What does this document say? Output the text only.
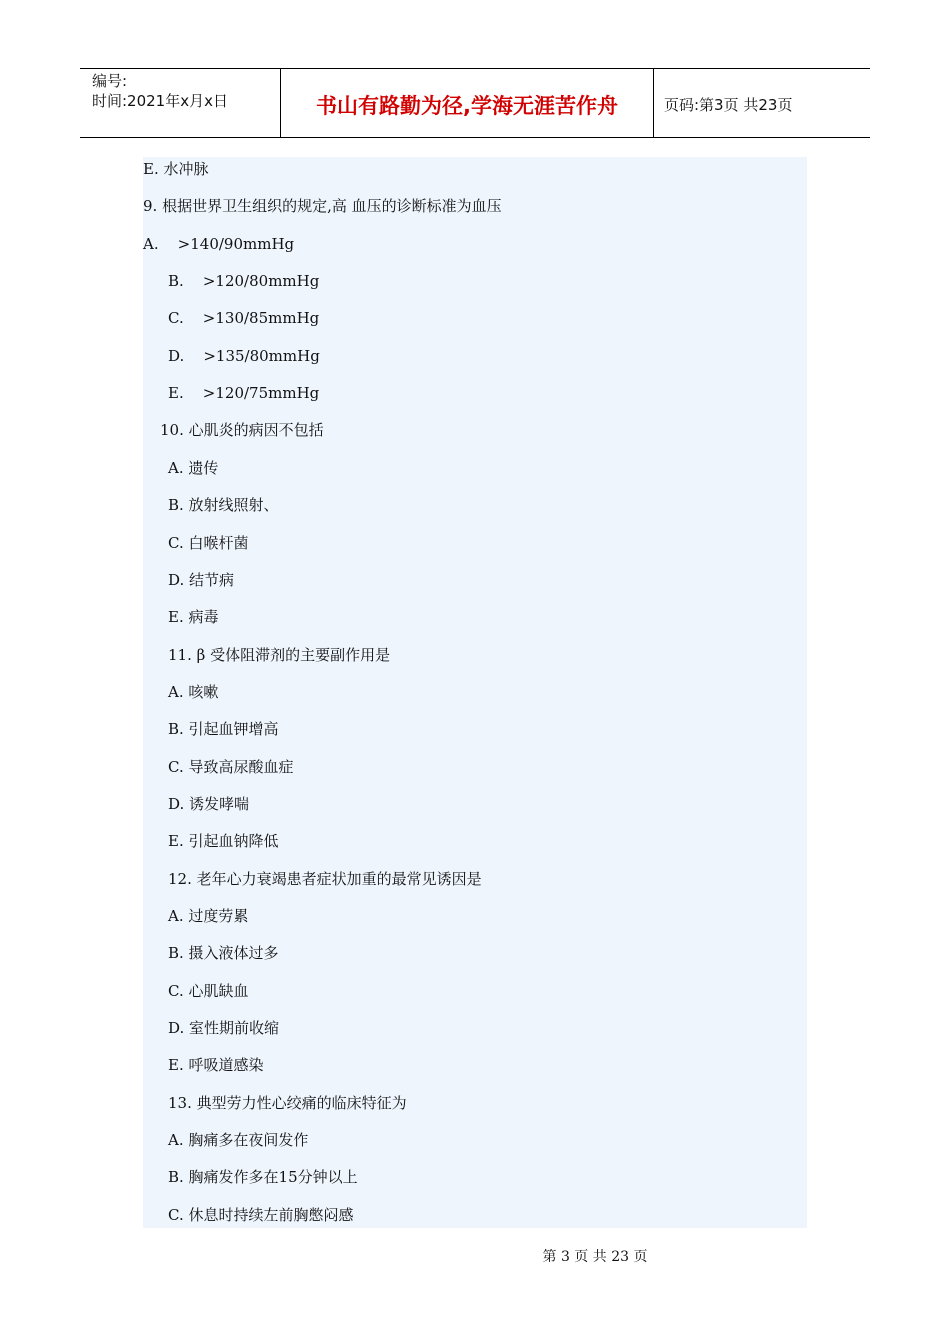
编号:
时间:2021年x月x日	书山有路勤为径,学海无涯苦作舟	页码:第3页 共23页
E. 水冲脉
9. 根据世界卫生组织的规定,高 血压的诊断标准为血压
A.    >140/90mmHg
B.    >120/80mmHg
C.    >130/85mmHg
D.    >135/80mmHg
E.    >120/75mmHg
10. 心肌炎的病因不包括
A. 遗传
B. 放射线照射、
C. 白喉杆菌
D. 结节病
E. 病毒
11. β 受体阻滞剂的主要副作用是
A. 咳嗽
B. 引起血钾增高
C. 导致高尿酸血症
D. 诱发哮喘
E. 引起血钠降低
12. 老年心力衰竭患者症状加重的最常见诱因是
A. 过度劳累
B. 摄入液体过多
C. 心肌缺血
D. 室性期前收缩
E. 呼吸道感染
13. 典型劳力性心绞痛的临床特征为
A. 胸痛多在夜间发作
B. 胸痛发作多在15分钟以上
C. 休息时持续左前胸憋闷感
第 3 页 共 23 页
